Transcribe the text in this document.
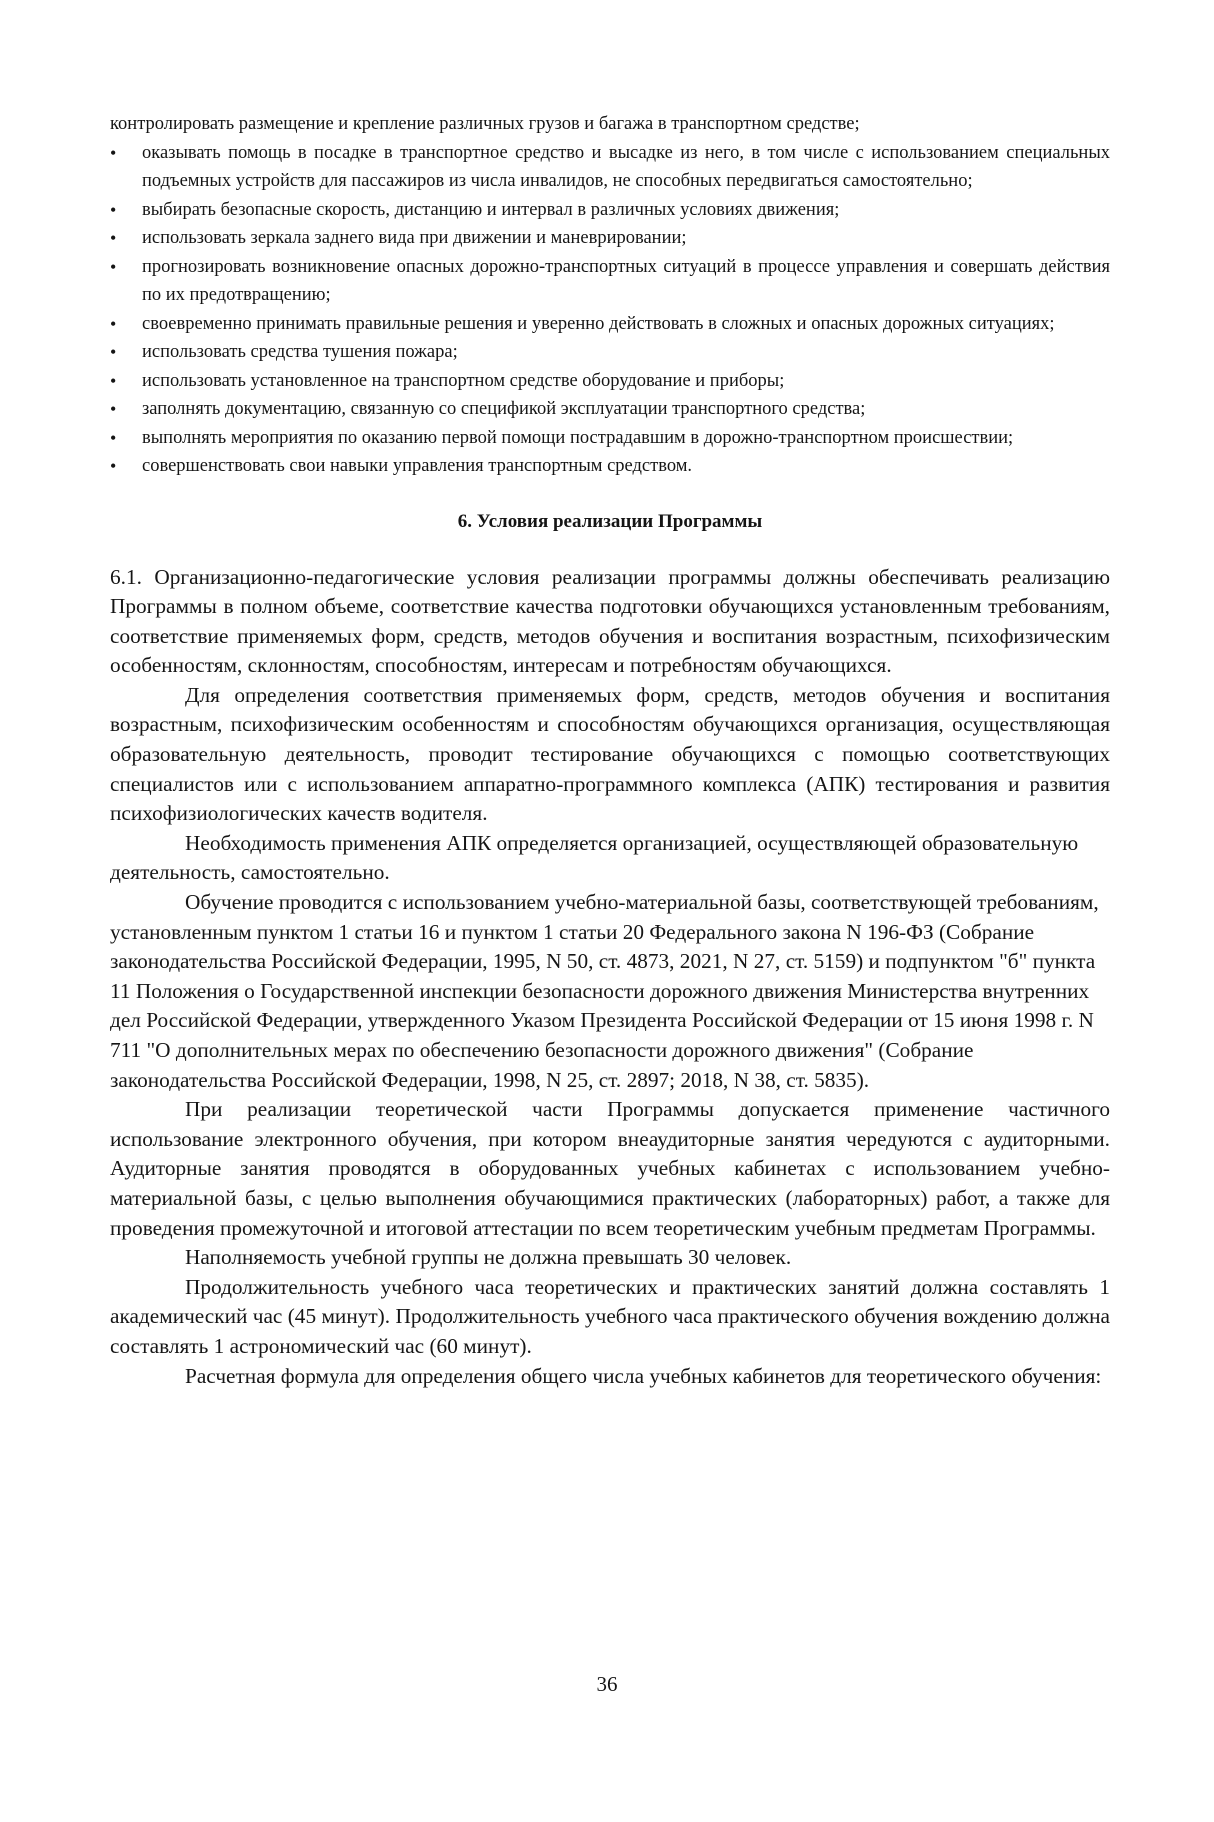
контролировать размещение и крепление различных грузов и багажа в транспортном средстве;
• оказывать помощь в посадке в транспортное средство и высадке из него, в том числе с использованием специальных подъемных устройств для пассажиров из числа инвалидов, не способных передвигаться самостоятельно;
• выбирать безопасные скорость, дистанцию и интервал в различных условиях движения;
• использовать зеркала заднего вида при движении и маневрировании;
• прогнозировать возникновение опасных дорожно-транспортных ситуаций в процессе управления и совершать действия по их предотвращению;
• своевременно принимать правильные решения и уверенно действовать в сложных и опасных дорожных ситуациях;
• использовать средства тушения пожара;
• использовать установленное на транспортном средстве оборудование и приборы;
• заполнять документацию, связанную со спецификой эксплуатации транспортного средства;
• выполнять мероприятия по оказанию первой помощи пострадавшим в дорожно-транспортном происшествии;
• совершенствовать свои навыки управления транспортным средством.
6. Условия реализации Программы

6.1. Организационно-педагогические условия реализации программы должны обеспечивать реализацию Программы в полном объеме, соответствие качества подготовки обучающихся установленным требованиям, соответствие применяемых форм, средств, методов обучения и воспитания возрастным, психофизическим особенностям, склонностям, способностям, интересам и потребностям обучающихся.

Для определения соответствия применяемых форм, средств, методов обучения и воспитания возрастным, психофизическим особенностям и способностям обучающихся организация, осуществляющая образовательную деятельность, проводит тестирование обучающихся с помощью соответствующих специалистов или с использованием аппаратно-программного комплекса (АПК) тестирования и развития психофизиологических качеств водителя.

Необходимость применения АПК определяется организацией, осуществляющей образовательную деятельность, самостоятельно.

Обучение проводится с использованием учебно-материальной базы, соответствующей требованиям, установленным пунктом 1 статьи 16 и пунктом 1 статьи 20 Федерального закона N 196-ФЗ (Собрание законодательства Российской Федерации, 1995, N 50, ст. 4873, 2021, N 27, ст. 5159) и подпунктом "б" пункта 11 Положения о Государственной инспекции безопасности дорожного движения Министерства внутренних дел Российской Федерации, утвержденного Указом Президента Российской Федерации от 15 июня 1998 г. N 711 "О дополнительных мерах по обеспечению безопасности дорожного движения" (Собрание законодательства Российской Федерации, 1998, N 25, ст. 2897; 2018, N 38, ст. 5835).

При реализации теоретической части Программы допускается применение частичного использование электронного обучения, при котором внеаудиторные занятия чередуются с аудиторными. Аудиторные занятия проводятся в оборудованных учебных кабинетах с использованием учебно-материальной базы, с целью выполнения обучающимися практических (лабораторных) работ, а также для проведения промежуточной и итоговой аттестации по всем теоретическим учебным предметам Программы.

Наполняемость учебной группы не должна превышать 30 человек.

Продолжительность учебного часа теоретических и практических занятий должна составлять 1 академический час (45 минут). Продолжительность учебного часа практического обучения вождению должна составлять 1 астрономический час (60 минут).

Расчетная формула для определения общего числа учебных кабинетов для теоретического обучения:

36
